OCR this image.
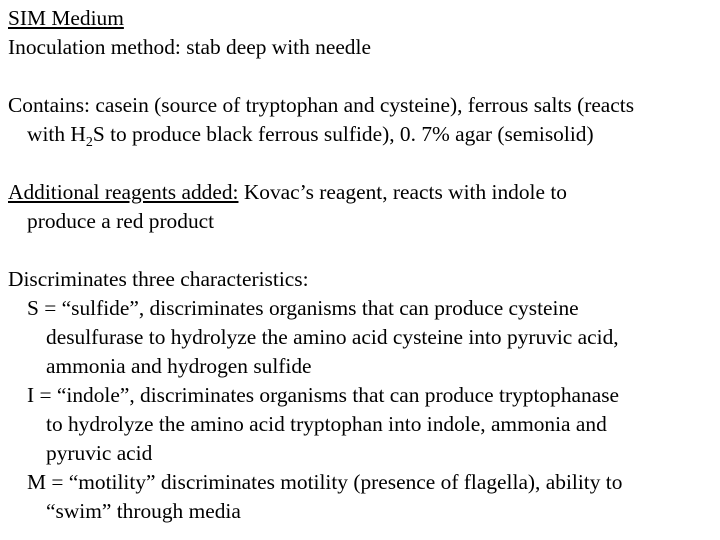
SIM Medium
Inoculation method: stab deep with needle
Contains: casein (source of tryptophan and cysteine), ferrous salts (reacts
with $H_2S$ to produce black ferrous sulfide), 0. 7% agar (semisolid)
Additional reagents added: Kovac’s reagent, reacts with indole to
produce a red product
Discriminates three characteristics:
S = “sulfide”, discriminates organisms that can produce cysteine
desulfurase to hydrolyze the amino acid cysteine into pyruvic acid,
ammonia and hydrogen sulfide
I = “indole”, discriminates organisms that can produce tryptophanase
to hydrolyze the amino acid tryptophan into indole, ammonia and
pyruvic acid
M = “motility” discriminates motility (presence of flagella), ability to
“swim” through media
